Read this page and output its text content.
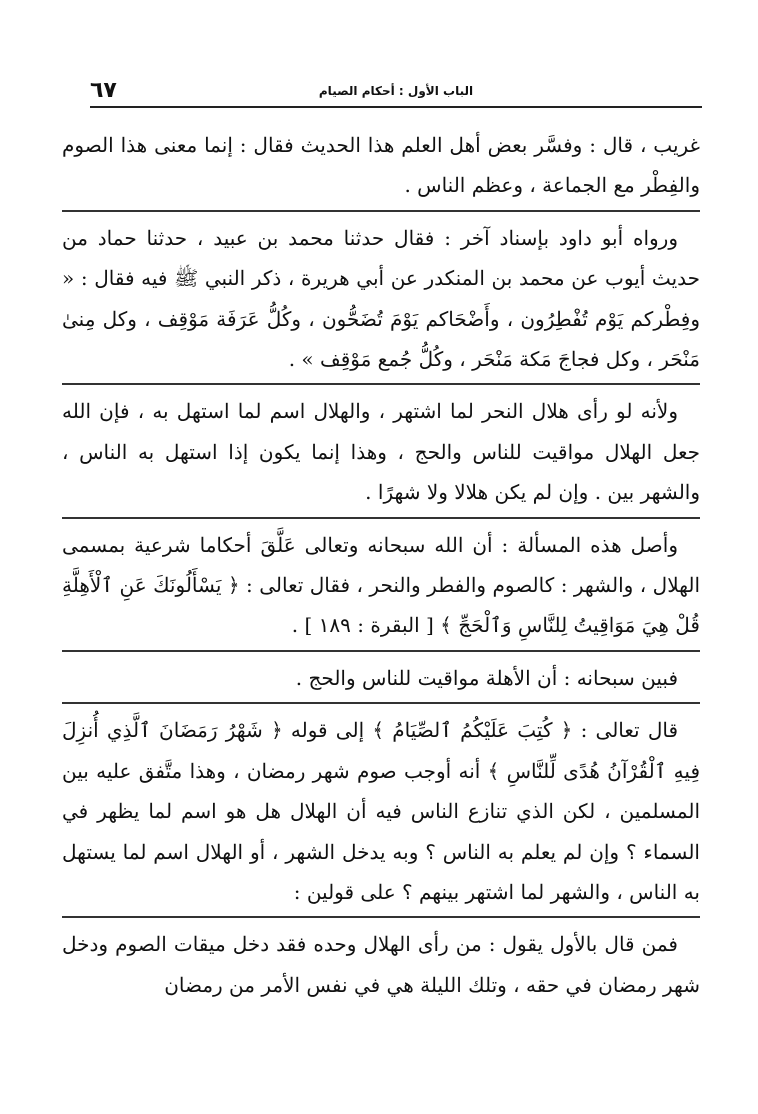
٦٧	الباب الأول : أحكام الصيام

غريب ، قال : وفسَّر بعض أهل العلم هذا الحديث فقال : إنما معنى هذا الصوم والفِطْر مع الجماعة ، وعظم الناس .

ورواه أبو داود بإسناد آخر : فقال حدثنا محمد بن عبيد ، حدثنا حماد من حديث أيوب عن محمد بن المنكدر عن أبي هريرة ، ذكر النبي ﷺ فيه فقال : « وفِطْركم يَوْم تُفْطِرُون ، وأَضْحَاكم يَوْمَ تُضَحُّون ، وكُلُّ عَرَفَة مَوْقِف ، وكل مِنىٰ مَنْحَر ، وكل فجاجَ مَكة مَنْحَر ، وكُلُّ جُمع مَوْقِف » .

ولأنه لو رأى هلال النحر لما اشتهر ، والهلال اسم لما استهل به ، فإن الله جعل الهلال مواقيت للناس والحج ، وهذا إنما يكون إذا استهل به الناس ، والشهر بين . وإن لم يكن هلالا ولا شهرًا .

وأصل هذه المسألة : أن الله سبحانه وتعالى عَلَّقَ أحكاما شرعية بمسمى الهلال ، والشهر : كالصوم والفطر والنحر ، فقال تعالى : ﴿ يَسْأَلُونَكَ عَنِ ٱلْأَهِلَّةِ قُلْ هِيَ مَوَاقِيتُ لِلنَّاسِ وَٱلْحَجِّ ﴾ [ البقرة : ١٨٩ ] .

فبين سبحانه : أن الأهلة مواقيت للناس والحج .

قال تعالى : ﴿ كُتِبَ عَلَيْكُمُ ٱلصِّيَامُ ﴾ إلى قوله ﴿ شَهْرُ رَمَضَانَ ٱلَّذِي أُنزِلَ فِيهِ ٱلْقُرْآنُ هُدًى لِّلنَّاسِ ﴾ أنه أوجب صوم شهر رمضان ، وهذا متَّفق عليه بين المسلمين ، لكن الذي تنازع الناس فيه أن الهلال هل هو اسم لما يظهر في السماء ؟ وإن لم يعلم به الناس ؟ وبه يدخل الشهر ، أو الهلال اسم لما يستهل به الناس ، والشهر لما اشتهر بينهم ؟ على قولين :

فمن قال بالأول يقول : من رأى الهلال وحده فقد دخل ميقات الصوم ودخل شهر رمضان في حقه ، وتلك الليلة هي في نفس الأمر من رمضان
